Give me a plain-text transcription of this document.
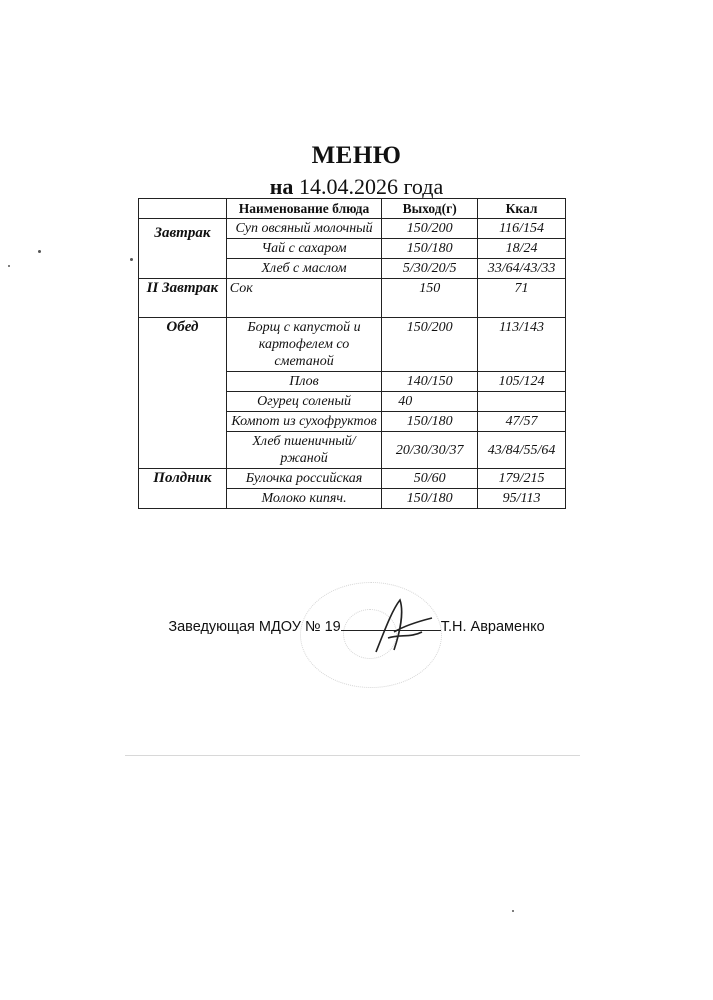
МЕНЮ
на 14.04.2026 года
	Наименование блюда	Выход(г)	Ккал
Завтрак	Суп овсяный молочный	150/200	116/154
	Чай с сахаром	150/180	18/24
	Хлеб с маслом	5/30/20/5	33/64/43/33
II Завтрак	Сок	150	71
Обед	Борщ с капустой и картофелем со сметаной	150/200	113/143
	Плов	140/150	105/124
	Огурец соленый	40	
	Компот из сухофруктов	150/180	47/57
	Хлеб пшеничный/ржаной	20/30/30/37	43/84/55/64
Полдник	Булочка российская	50/60	179/215
	Молоко кипяч.	150/180	95/113
Заведующая МДОУ № 19	Т.Н. Авраменко
